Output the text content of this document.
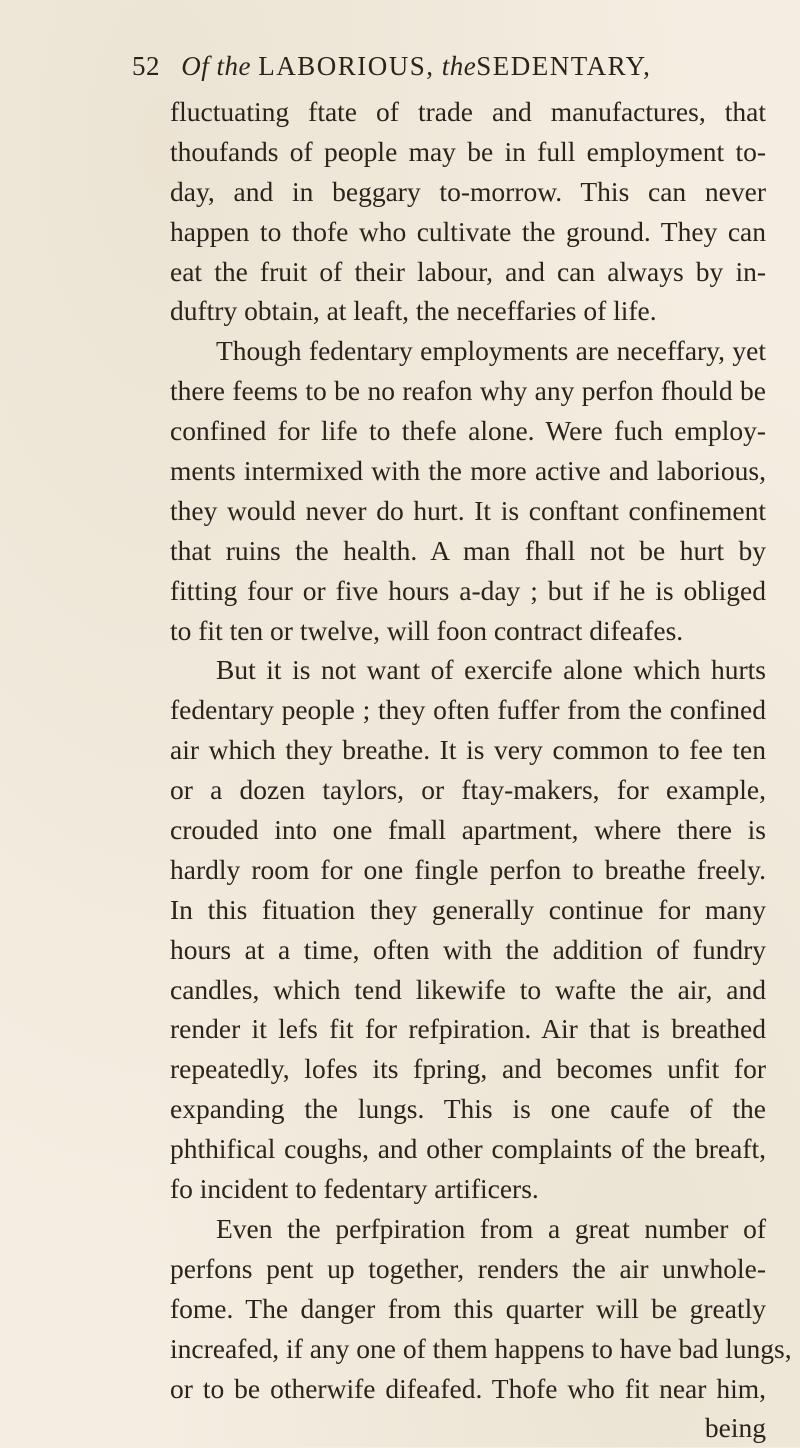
52 Of the LABORIOUS, theSEDENTARY,
fluctuating ftate of trade and manufactures, that
thoufands of people may be in full employment to-
day, and in beggary to-morrow. This can never
happen to thofe who cultivate the ground. They can
eat the fruit of their labour, and can always by in-
duftry obtain, at leaft, the neceffaries of life.
Though fedentary employments are neceffary, yet
there feems to be no reafon why any perfon fhould be
confined for life to thefe alone. Were fuch employ-
ments intermixed with the more active and laborious,
they would never do hurt. It is conftant confinement
that ruins the health. A man fhall not be hurt by
fitting four or five hours a-day ; but if he is obliged
to fit ten or twelve, will foon contract difeafes.
But it is not want of exercife alone which hurts
fedentary people ; they often fuffer from the confined
air which they breathe. It is very common to fee ten
or a dozen taylors, or ftay-makers, for example,
crouded into one fmall apartment, where there is
hardly room for one fingle perfon to breathe freely.
In this fituation they generally continue for many
hours at a time, often with the addition of fundry
candles, which tend likewife to wafte the air, and
render it lefs fit for refpiration. Air that is breathed
repeatedly, lofes its fpring, and becomes unfit for
expanding the lungs. This is one caufe of the
phthifical coughs, and other complaints of the breaft,
fo incident to fedentary artificers.
Even the perfpiration from a great number of
perfons pent up together, renders the air unwhole-
fome. The danger from this quarter will be greatly
increafed, if any one of them happens to have bad lungs,
or to be otherwife difeafed. Thofe who fit near him,
being
